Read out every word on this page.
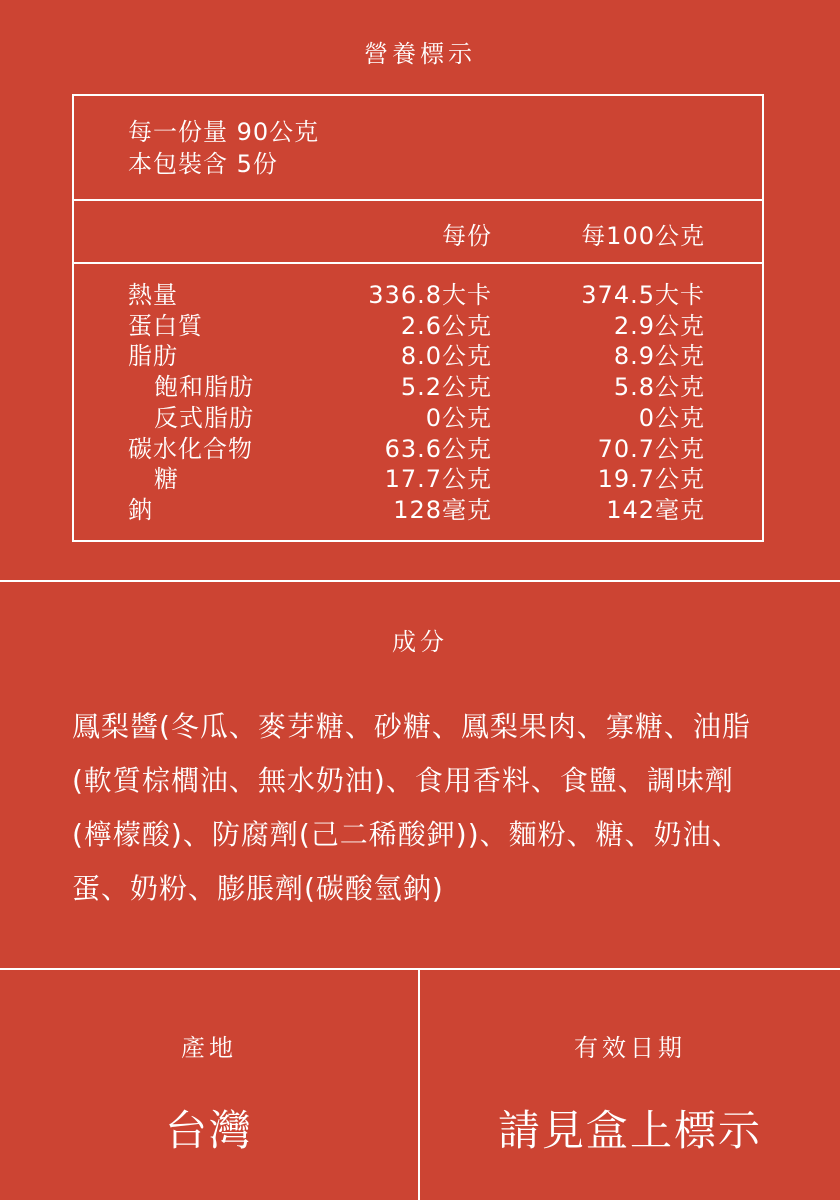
營養標示
每一份量 90公克
本包裝含 5份
每份	每100公克
熱量	336.8大卡	374.5大卡
蛋白質	2.6公克	2.9公克
脂肪	8.0公克	8.9公克
飽和脂肪	5.2公克	5.8公克
反式脂肪	0公克	0公克
碳水化合物	63.6公克	70.7公克
糖	17.7公克	19.7公克
鈉	128毫克	142毫克
成分
鳳梨醬(冬瓜、麥芽糖、砂糖、鳳梨果肉、寡糖、油脂(軟質棕櫚油、無水奶油)、食用香料、食鹽、調味劑(檸檬酸)、防腐劑(己二稀酸鉀))、麵粉、糖、奶油、蛋、奶粉、膨脹劑(碳酸氫鈉)
產地
台灣
有效日期
請見盒上標示
